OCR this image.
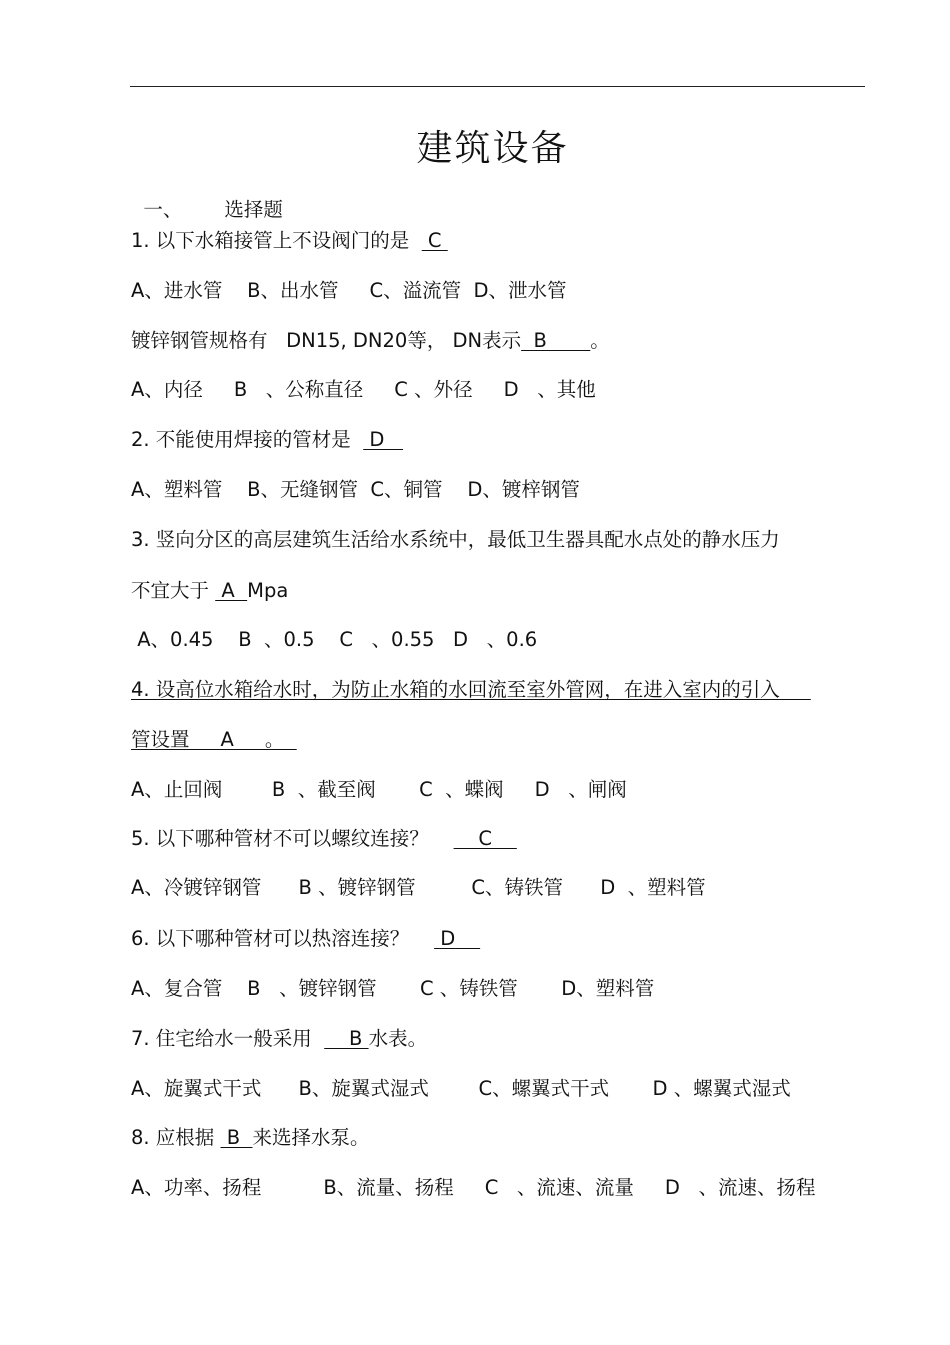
建筑设备

一、 选择题

1. 以下水箱接管上不设阀门的是   C
A、进水管    B、出水管     C、溢流管  D、泄水管
镀锌钢管规格有   DN15, DN20等， DN表示  B       。
A、内径     B   、公称直径     C 、外径     D   、其他
2. 不能使用焊接的管材是   D
A、塑料管    B、无缝钢管  C、铜管    D、镀梓钢管
3. 竖向分区的高层建筑生活给水系统中，最低卫生器具配水点处的静水压力
不宜大于  A  Mpa
A、0.45    B  、0.5    C   、0.55   D   、0.6
4. 设高位水箱给水时，为防止水箱的水回流至室外管网，在进入室内的引入
管设置     A     。
A、止回阀        B  、截至阀       C  、蝶阀     D   、闸阀
5. 以下哪种管材不可以螺纹连接？        C
A、冷镀锌钢管      B 、镀锌钢管         C、铸铁管      D  、塑料管
6. 以下哪种管材可以热溶连接？     D
A、复合管    B   、镀锌钢管       C 、铸铁管       D、塑料管
7. 住宅给水一般采用      B 水表。
A、旋翼式干式      B、旋翼式湿式        C、螺翼式干式       D 、螺翼式湿式
8. 应根据  B  来选择水泵。
A、功率、扬程          B、流量、扬程     C   、流速、流量     D   、流速、扬程
